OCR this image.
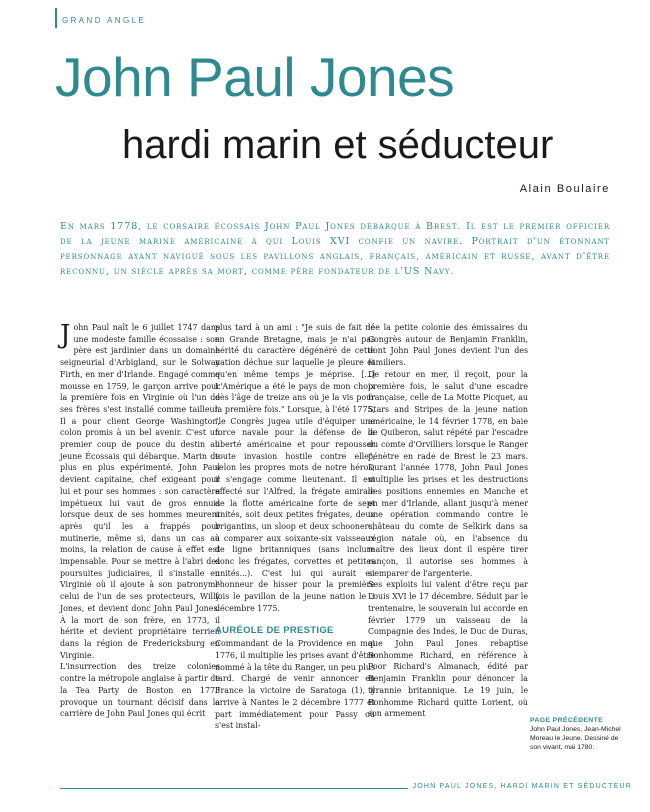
GRAND ANGLE
John Paul Jones
hardi marin et séducteur
Alain Boulaire
En mars 1778, le corsaire écossais John Paul Jones débarque à Brest. Il est le premier officier de la jeune marine américaine à qui Louis XVI confie un navire. Portrait d'un étonnant personnage ayant navigué sous les pavillons anglais, français, américain et russe, avant d'être reconnu, un siècle après sa mort, comme père fondateur de l'US Navy.

John Paul naît le 6 juillet 1747 dans une modeste famille écossaise : son père est jardinier dans un domaine seigneurial d'Arbigland, sur le Solway Firth, en mer d'Irlande. Engagé comme mousse en 1759, le garçon arrive pour la première fois en Virginie où l'un de ses frères s'est installé comme tailleur. Il a pour client George Washington, colon promis à un bel avenir. C'est un premier coup de pouce du destin au jeune Écossais qui débarque. Marin de plus en plus expérimenté, John Paul devient capitaine, chef exigeant pour lui et pour ses hommes : son caractère impétueux lui vaut de gros ennuis lorsque deux de ses hommes meurent après qu'il les a frappés pour mutinerie, même si, dans un cas au moins, la relation de cause à effet est impensable. Pour se mettre à l'abri des poursuites judiciaires, il s'installe en Virginie où il ajoute à son patronyme celui de l'un de ses protecteurs, Willy Jones, et devient donc John Paul Jones. À la mort de son frère, en 1773, il hérite et devient propriétaire terrien dans la région de Fredericksburg en Virginie.

L'insurrection des treize colonies contre la métropole anglaise à partir de la Tea Party de Boston en 1773 provoque un tournant décisif dans la carrière de John Paul Jones qui écrit

plus tard à un ami : "Je suis de fait né en Grande Bretagne, mais je n'ai pas hérité du caractère dégénéré de cette nation déchue sur laquelle je pleure et qu'en même temps je méprise. [...] L'Amérique a été le pays de mon choix dès l'âge de treize ans où je la vis pour la première fois." Lorsque, à l'été 1775, "le Congrès jugea utile d'équiper une force navale pour la défense de la liberté américaine et pour repousser toute invasion hostile contre elle", selon les propres mots de notre héros, il s'engage comme lieutenant. Il est affecté sur l'Alfred, la frégate amirale de la flotte américaine forte de sept unités, soit deux petites frégates, deux brigantins, un sloop et deux schooners, à comparer aux soixante-six vaisseaux de ligne britanniques (sans inclure donc les frégates, corvettes et petites unités...). C'est lui qui aurait eu l'honneur de hisser pour la première fois le pavillon de la jeune nation le 3 décembre 1775.

AURÉOLE DE PRESTIGE

Commandant de la Providence en mai 1776, il multiplie les prises avant d'être nommé à la tête du Ranger, un peu plus tard. Chargé de venir annoncer en France la victoire de Saratoga (1), il arrive à Nantes le 2 décembre 1777 et part immédiatement pour Passy où s'est instal-

lée la petite colonie des émissaires du Congrès autour de Benjamin Franklin, dont John Paul Jones devient l'un des familiers.

De retour en mer, il reçoit, pour la première fois, le salut d'une escadre française, celle de La Motte Picquet, au Stars and Stripes de la jeune nation américaine, le 14 février 1778, en baie de Quiberon, salut répété par l'escadre du comte d'Orvilliers lorsque le Ranger pénètre en rade de Brest le 23 mars. Durant l'année 1778, John Paul Jones multiplie les prises et les destructions des positions ennemies en Manche et en mer d'Irlande, allant jusqu'à mener une opération commando contre le château du comte de Selkirk dans sa région natale où, en l'absence du maître des lieux dont il espère tirer rançon, il autorise ses hommes à s'emparer de l'argenterie.

Ses exploits lui valent d'être reçu par Louis XVI le 17 décembre. Séduit par le trentenaire, le souverain lui accorde en février 1779 un vaisseau de la Compagnie des Indes, le Duc de Duras, que John Paul Jones rebaptise Bonhomme Richard, en référence à Poor Richard's Almanach, édité par Benjamin Franklin pour dénoncer la tyrannie britannique. Le 19 juin, le Bonhomme Richard quitte Lorient, où son armement

PAGE PRÉCÉDENTE
John Paul Jones, Jean-Michel Moreau le Jeune. Dessiné de son vivant, mai 1780.
JOHN PAUL JONES, HARDI MARIN ET SÉDUCTEUR
